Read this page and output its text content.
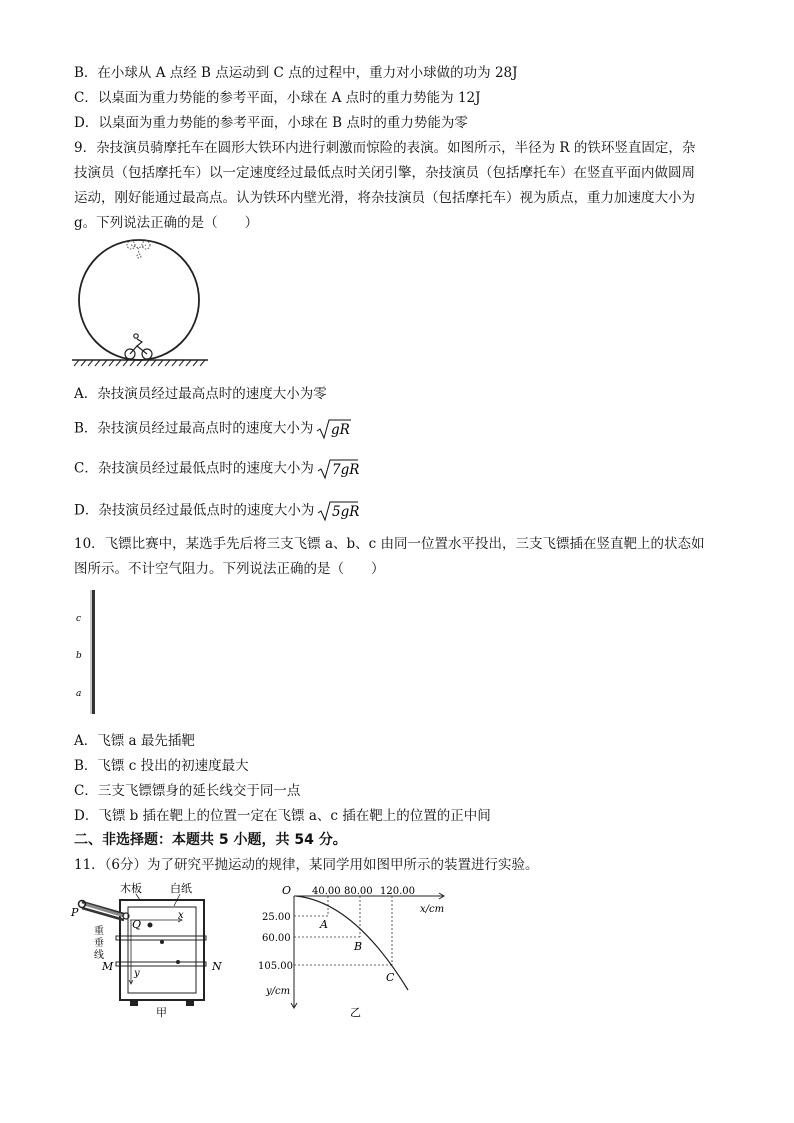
B．在小球从 A 点经 B 点运动到 C 点的过程中，重力对小球做的功为 28J
C．以桌面为重力势能的参考平面，小球在 A 点时的重力势能为 12J
D．以桌面为重力势能的参考平面，小球在 B 点时的重力势能为零
9．杂技演员骑摩托车在圆形大铁环内进行刺激而惊险的表演。如图所示，半径为 R 的铁环竖直固定，杂
技演员（包括摩托车）以一定速度经过最低点时关闭引擎，杂技演员（包括摩托车）在竖直平面内做圆周
运动，刚好能通过最高点。认为铁环内壁光滑，将杂技演员（包括摩托车）视为质点，重力加速度大小为
g。下列说法正确的是（　　）
A．杂技演员经过最高点时的速度大小为零
B．杂技演员经过最高点时的速度大小为 gR
C．杂技演员经过最低点时的速度大小为 7gR
D．杂技演员经过最低点时的速度大小为 5gR
10．飞镖比赛中，某选手先后将三支飞镖 a、b、c 由同一位置水平投出，三支飞镖插在竖直靶上的状态如
图所示。不计空气阻力。下列说法正确的是（　　）
c
b
a
A．飞镖 a 最先插靶
B．飞镖 c 投出的初速度最大
C．三支飞镖镖身的延长线交于同一点
D．飞镖 b 插在靶上的位置一定在飞镖 a、c 插在靶上的位置的正中间
二、非选择题：本题共 5 小题，共 54 分。
11．（6分）为了研究平抛运动的规律，某同学用如图甲所示的装置进行实验。
木板	白纸
P	x
Q
y
重
垂
线
M	N
甲
O 40.00 80.00 120.00
x/cm
25.00
60.00
105.00
y/cm
A
B
C
乙
